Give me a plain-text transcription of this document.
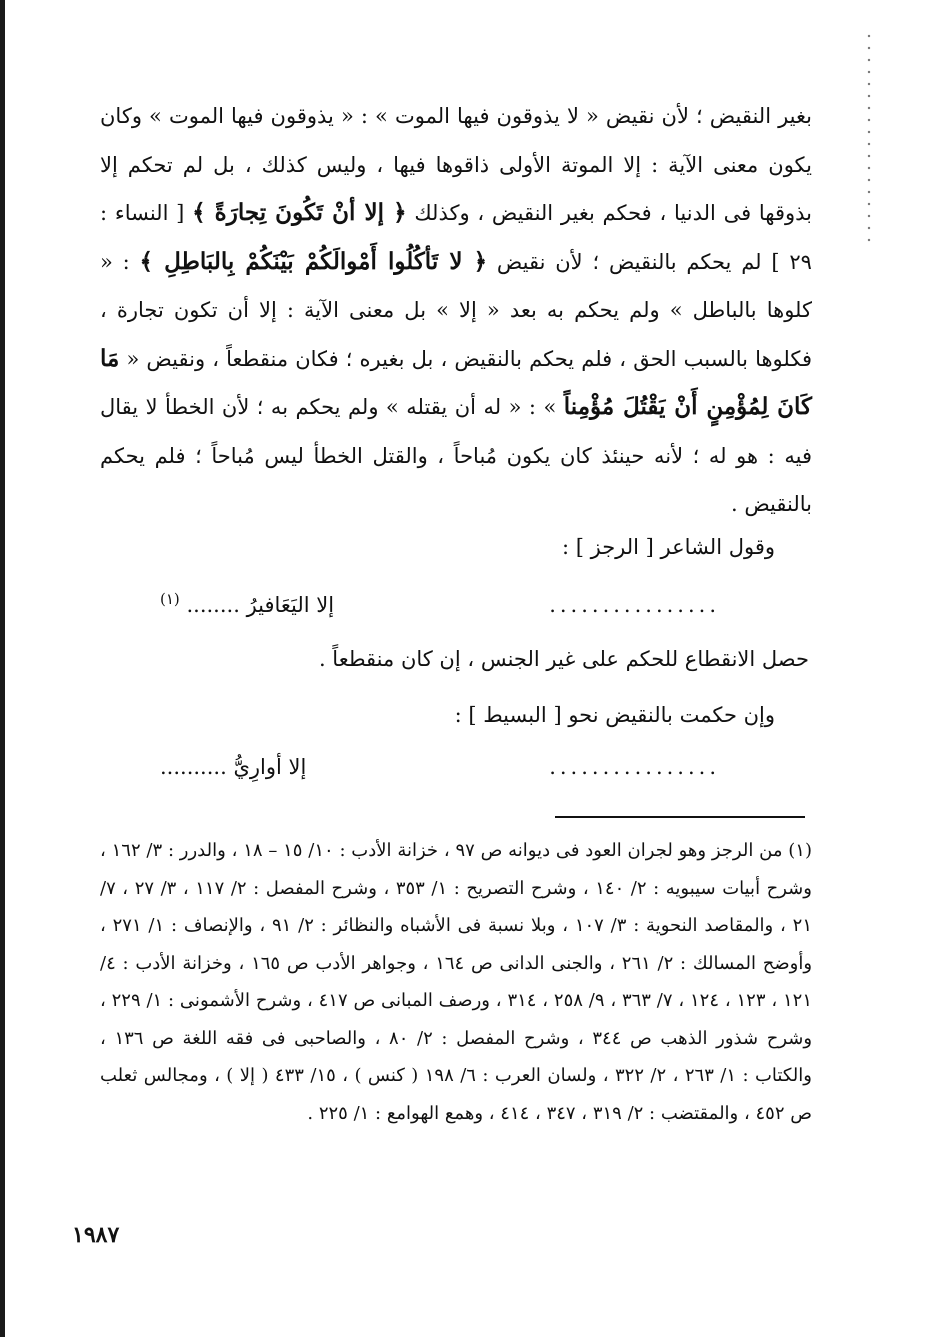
بغير النقيض ؛ لأن نقيض « لا يذوقون فيها الموت » : « يذوقون فيها الموت » وكان يكون معنى الآية : إلا الموتة الأولى ذاقوها فيها ، وليس كذلك ، بل لم تحكم إلا بذوقها فى الدنيا ، فحكم بغير النقيض ، وكذلك ﴿ إلا أنْ تَكُونَ تِجارَةً ﴾ [ النساء : ٢٩ ] لم يحكم بالنقيض ؛ لأن نقيض ﴿ لا تَأكُلُوا أَمْوالَكُمْ بَيْنَكُمْ بِالبَاطِلِ ﴾ : « كلوها بالباطل » ولم يحكم به بعد « إلا » بل معنى الآية : إلا أن تكون تجارة ، فكلوها بالسبب الحق ، فلم يحكم بالنقيض ، بل بغيره ؛ فكان منقطعاً ، ونقيض « مَا كَانَ لِمُؤْمِنٍ أَنْ يَقْتُلَ مُؤْمِناً » : « له أن يقتله » ولم يحكم به ؛ لأن الخطأ لا يقال فيه : هو له ؛ لأنه حينئذ كان يكون مُباحاً ، والقتل الخطأ ليس مُباحاً ؛ فلم يحكم بالنقيض .
وقول الشاعر [ الرجز ] :
................
إلا اليَعَافيرُ ........ $^{(١)}$
حصل الانقطاع للحكم على غير الجنس ، إن كان منقطعاً .
وإن حكمت بالنقيض نحو [ البسيط ] :
................
إلا أوارِيُّ ..........
(١) من الرجز وهو لجران العود فى ديوانه ص ٩٧ ، خزانة الأدب : ١٠/ ١٥ – ١٨ ، والدرر : ٣/ ١٦٢ ، وشرح أبيات سيبويه : ٢/ ١٤٠ ، وشرح التصريح : ١/ ٣٥٣ ، وشرح المفصل : ٢/ ١١٧ ، ٣/ ٢٧ ، ٧/ ٢١ ، والمقاصد النحوية : ٣/ ١٠٧ ، وبلا نسبة فى الأشباه والنظائر : ٢/ ٩١ ، والإنصاف : ١/ ٢٧١ ، وأوضح المسالك : ٢/ ٢٦١ ، والجنى الدانى ص ١٦٤ ، وجواهر الأدب ص ١٦٥ ، وخزانة الأدب : ٤/ ١٢١ ، ١٢٣ ، ١٢٤ ، ٧/ ٣٦٣ ، ٩/ ٢٥٨ ، ٣١٤ ، ورصف المبانى ص ٤١٧ ، وشرح الأشمونى : ١/ ٢٢٩ ، وشرح شذور الذهب ص ٣٤٤ ، وشرح المفصل : ٢/ ٨٠ ، والصاحبى فى فقه اللغة ص ١٣٦ ، والكتاب : ١/ ٢٦٣ ، ٢/ ٣٢٢ ، ولسان العرب : ٦/ ١٩٨ ( كنس ) ، ١٥/ ٤٣٣ ( إلا ) ، ومجالس ثعلب ص ٤٥٢ ، والمقتضب : ٢/ ٣١٩ ، ٣٤٧ ، ٤١٤ ، وهمع الهوامع : ١/ ٢٢٥ .
١٩٨٧
